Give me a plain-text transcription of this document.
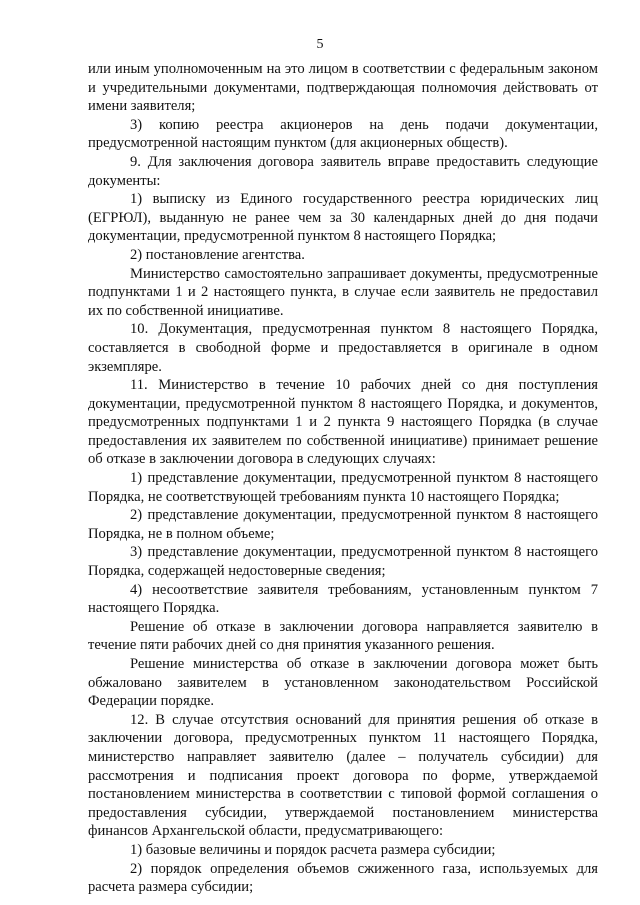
5

или иным уполномоченным на это лицом в соответствии с федеральным законом и учредительными документами, подтверждающая полномочия действовать от имени заявителя;

3) копию реестра акционеров на день подачи документации, предусмотренной настоящим пунктом (для акционерных обществ).

9. Для заключения договора заявитель вправе предоставить следующие документы:

1) выписку из Единого государственного реестра юридических лиц (ЕГРЮЛ), выданную не ранее чем за 30 календарных дней до дня подачи документации, предусмотренной пунктом 8 настоящего Порядка;

2) постановление агентства.

Министерство самостоятельно запрашивает документы, предусмотренные подпунктами 1 и 2 настоящего пункта, в случае если заявитель не предоставил их по собственной инициативе.

10. Документация, предусмотренная пунктом 8 настоящего Порядка, составляется в свободной форме и предоставляется в оригинале в одном экземпляре.

11. Министерство в течение 10 рабочих дней со дня поступления документации, предусмотренной пунктом 8 настоящего Порядка, и документов, предусмотренных подпунктами 1 и 2 пункта 9 настоящего Порядка (в случае предоставления их заявителем по собственной инициативе) принимает решение об отказе в заключении договора в следующих случаях:

1) представление документации, предусмотренной пунктом 8 настоящего Порядка, не соответствующей требованиям пункта 10 настоящего Порядка;

2) представление документации, предусмотренной пунктом 8 настоящего Порядка, не в полном объеме;

3) представление документации, предусмотренной пунктом 8 настоящего Порядка, содержащей недостоверные сведения;

4) несоответствие заявителя требованиям, установленным пунктом 7 настоящего Порядка.

Решение об отказе в заключении договора направляется заявителю в течение пяти рабочих дней со дня принятия указанного решения.

Решение министерства об отказе в заключении договора может быть обжаловано заявителем в установленном законодательством Российской Федерации порядке.

12. В случае отсутствия оснований для принятия решения об отказе в заключении договора, предусмотренных пунктом 11 настоящего Порядка, министерство направляет заявителю (далее – получатель субсидии) для рассмотрения и подписания проект договора по форме, утверждаемой постановлением министерства в соответствии с типовой формой соглашения о предоставления субсидии, утверждаемой постановлением министерства финансов Архангельской области, предусматривающего:

1) базовые величины и порядок расчета размера субсидии;

2) порядок определения объемов сжиженного газа, используемых для расчета размера субсидии;
